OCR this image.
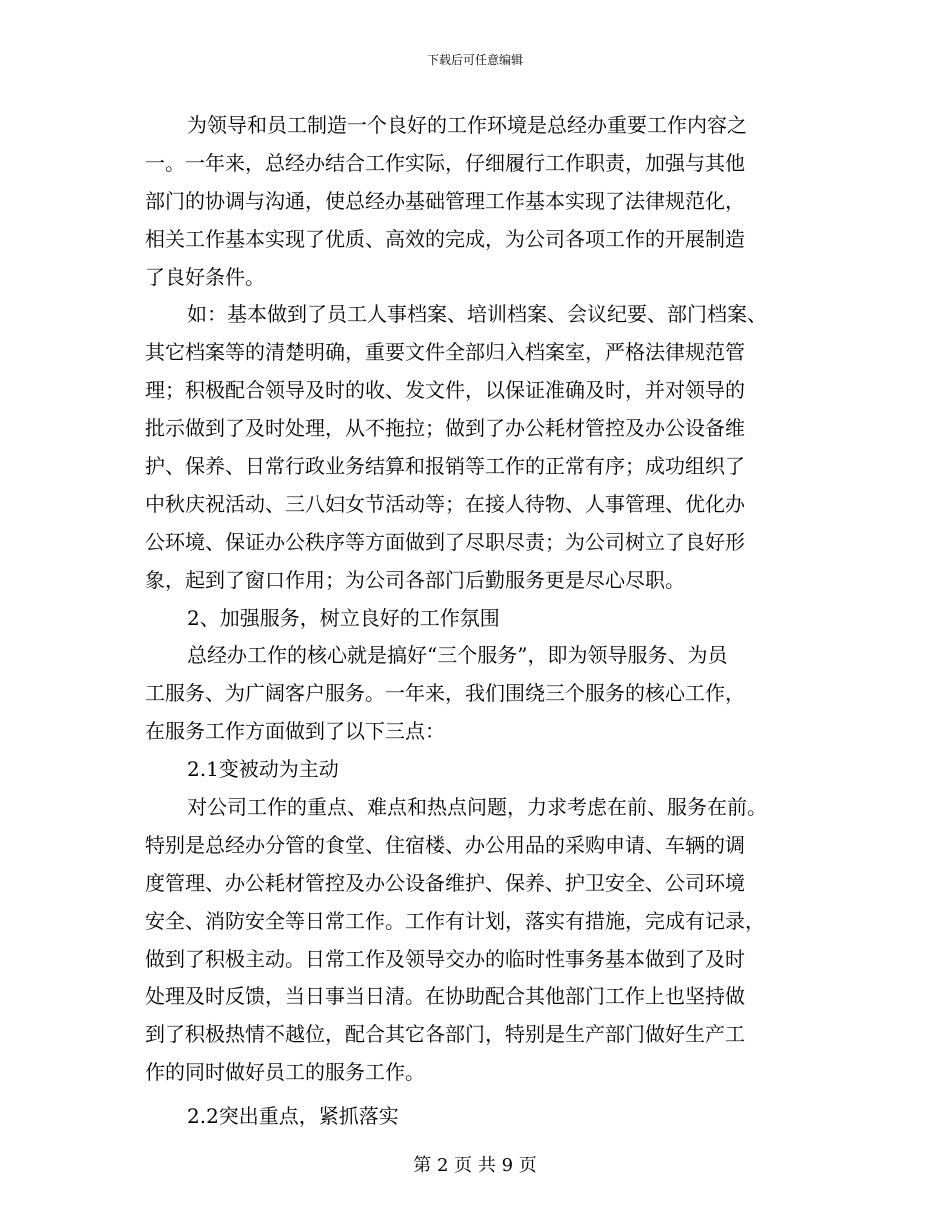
下载后可任意编辑
为领导和员工制造一个良好的工作环境是总经办重要工作内容之
一。一年来，总经办结合工作实际，仔细履行工作职责，加强与其他
部门的协调与沟通，使总经办基础管理工作基本实现了法律规范化，
相关工作基本实现了优质、高效的完成，为公司各项工作的开展制造
了良好条件。
如：基本做到了员工人事档案、培训档案、会议纪要、部门档案、
其它档案等的清楚明确，重要文件全部归入档案室，严格法律规范管
理；积极配合领导及时的收、发文件，以保证准确及时，并对领导的
批示做到了及时处理，从不拖拉；做到了办公耗材管控及办公设备维
护、保养、日常行政业务结算和报销等工作的正常有序；成功组织了
中秋庆祝活动、三八妇女节活动等；在接人待物、人事管理、优化办
公环境、保证办公秩序等方面做到了尽职尽责；为公司树立了良好形
象，起到了窗口作用；为公司各部门后勤服务更是尽心尽职。
2、加强服务，树立良好的工作氛围
总经办工作的核心就是搞好“三个服务”，即为领导服务、为员
工服务、为广阔客户服务。一年来，我们围绕三个服务的核心工作，
在服务工作方面做到了以下三点：
2.1变被动为主动
对公司工作的重点、难点和热点问题，力求考虑在前、服务在前。
特别是总经办分管的食堂、住宿楼、办公用品的采购申请、车辆的调
度管理、办公耗材管控及办公设备维护、保养、护卫安全、公司环境
安全、消防安全等日常工作。工作有计划，落实有措施，完成有记录，
做到了积极主动。日常工作及领导交办的临时性事务基本做到了及时
处理及时反馈，当日事当日清。在协助配合其他部门工作上也坚持做
到了积极热情不越位，配合其它各部门，特别是生产部门做好生产工
作的同时做好员工的服务工作。
2.2突出重点，紧抓落实
第 2 页 共 9 页
